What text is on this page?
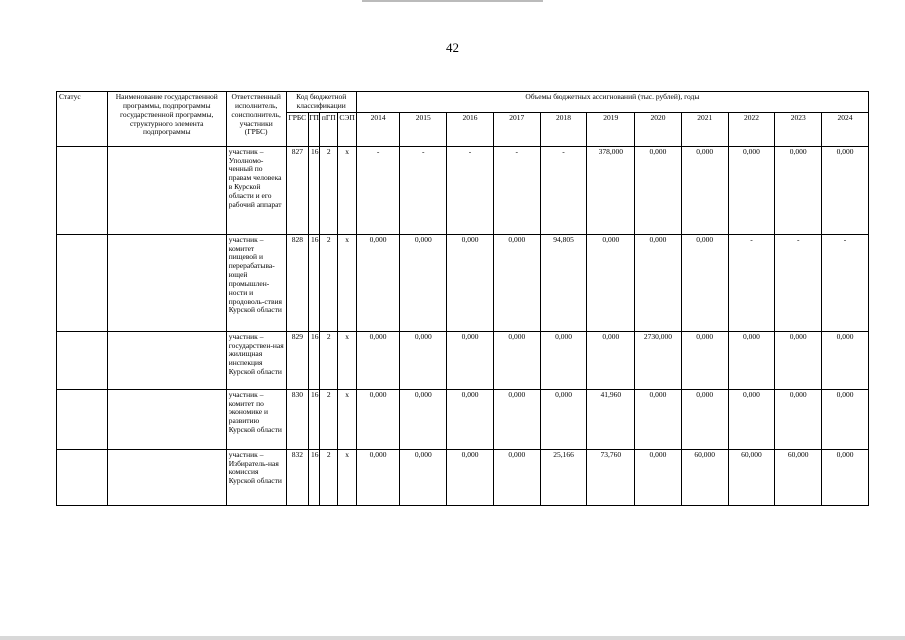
42
Статус	Наименование государственной программы, подпрограммы государственной программы, структурного элемента подпрограммы	Ответственный исполнитель, соисполнитель, участники (ГРБС)	Код бюджетной классификации				Объемы бюджетных ассигнований (тыс. рублей), годы										
			ГРБС	ГП	пГП	СЭП	2014	2015	2016	2017	2018	2019	2020	2021	2022	2023	2024
		участник – Уполномо-ченный по правам человека в Курской области и его рабочий аппарат	827	16	2	х	-	-	-	-	-	378,000	0,000	0,000	0,000	0,000	0,000
		участник – комитет пищевой и перерабатыва-ющей промышлен-ности и продоволь-ствия Курской области	828	16	2	х	0,000	0,000	0,000	0,000	94,805	0,000	0,000	0,000	-	-	-
		участник – государствен-ная жилищная инспекция Курской области	829	16	2	х	0,000	0,000	0,000	0,000	0,000	0,000	2730,000	0,000	0,000	0,000	0,000
		участник – комитет по экономике и развитию Курской области	830	16	2	х	0,000	0,000	0,000	0,000	0,000	41,960	0,000	0,000	0,000	0,000	0,000
		участник – Избиратель-ная комиссия Курской области	832	16	2	х	0,000	0,000	0,000	0,000	25,166	73,760	0,000	60,000	60,000	60,000	0,000
